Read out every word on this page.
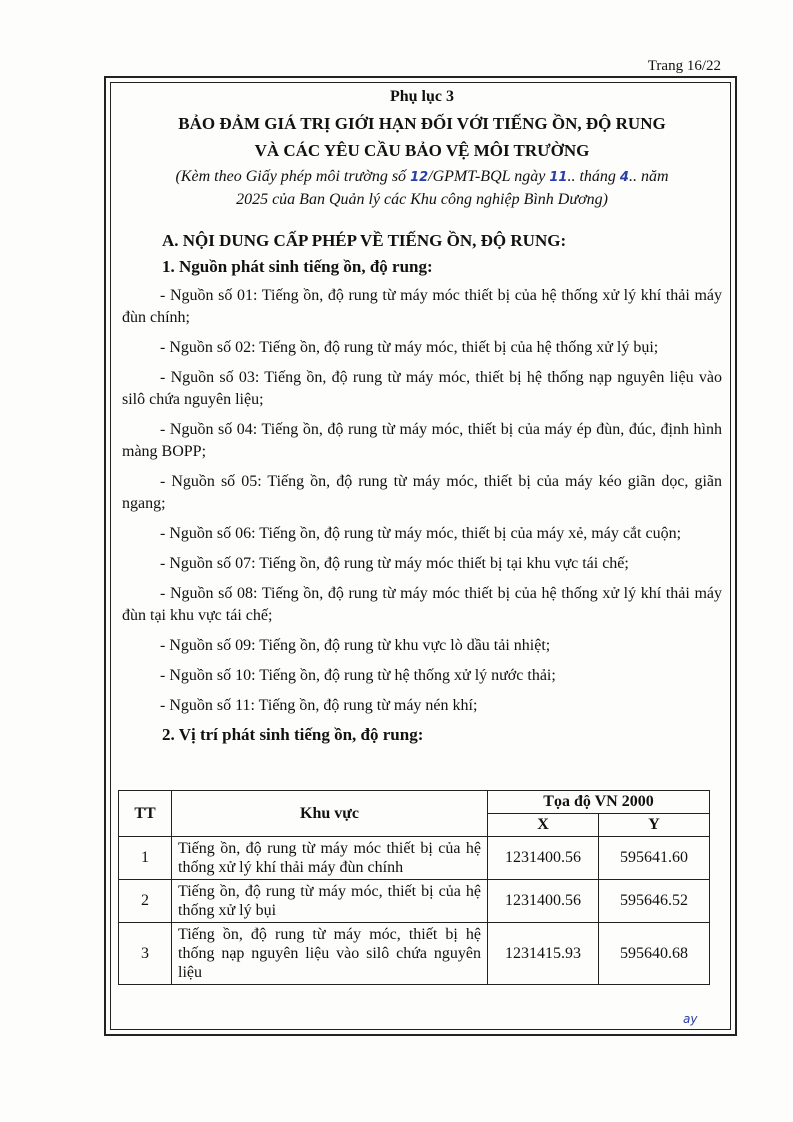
Trang 16/22

Phụ lục 3

BẢO ĐẢM GIÁ TRỊ GIỚI HẠN ĐỐI VỚI TIẾNG ỒN, ĐỘ RUNG
VÀ CÁC YÊU CẦU BẢO VỆ MÔI TRƯỜNG

(Kèm theo Giấy phép môi trường số 12/GPMT-BQL ngày 11.. tháng 4.. năm
2025 của Ban Quản lý các Khu công nghiệp Bình Dương)

A. NỘI DUNG CẤP PHÉP VỀ TIẾNG ỒN, ĐỘ RUNG:
1. Nguồn phát sinh tiếng ồn, độ rung:
- Nguồn số 01: Tiếng ồn, độ rung từ máy móc thiết bị của hệ thống xử lý khí thải máy đùn chính;
- Nguồn số 02: Tiếng ồn, độ rung từ máy móc, thiết bị của hệ thống xử lý bụi;
- Nguồn số 03: Tiếng ồn, độ rung từ máy móc, thiết bị hệ thống nạp nguyên liệu vào silô chứa nguyên liệu;
- Nguồn số 04: Tiếng ồn, độ rung từ máy móc, thiết bị của máy ép đùn, đúc, định hình màng BOPP;
- Nguồn số 05: Tiếng ồn, độ rung từ máy móc, thiết bị của máy kéo giãn dọc, giãn ngang;
- Nguồn số 06: Tiếng ồn, độ rung từ máy móc, thiết bị của máy xẻ, máy cắt cuộn;
- Nguồn số 07: Tiếng ồn, độ rung từ máy móc thiết bị tại khu vực tái chế;
- Nguồn số 08: Tiếng ồn, độ rung từ máy móc thiết bị của hệ thống xử lý khí thải máy đùn tại khu vực tái chế;
- Nguồn số 09: Tiếng ồn, độ rung từ khu vực lò dầu tải nhiệt;
- Nguồn số 10: Tiếng ồn, độ rung từ hệ thống xử lý nước thải;
- Nguồn số 11: Tiếng ồn, độ rung từ máy nén khí;
2. Vị trí phát sinh tiếng ồn, độ rung:
TT	Khu vực	Tọa độ VN 2000	
		X	Y
1	Tiếng ồn, độ rung từ máy móc thiết bị của hệ thống xử lý khí thải máy đùn chính	1231400.56	595641.60
2	Tiếng ồn, độ rung từ máy móc, thiết bị của hệ thống xử lý bụi	1231400.56	595646.52
3	Tiếng ồn, độ rung từ máy móc, thiết bị hệ thống nạp nguyên liệu vào silô chứa nguyên liệu	1231415.93	595640.68
ay
